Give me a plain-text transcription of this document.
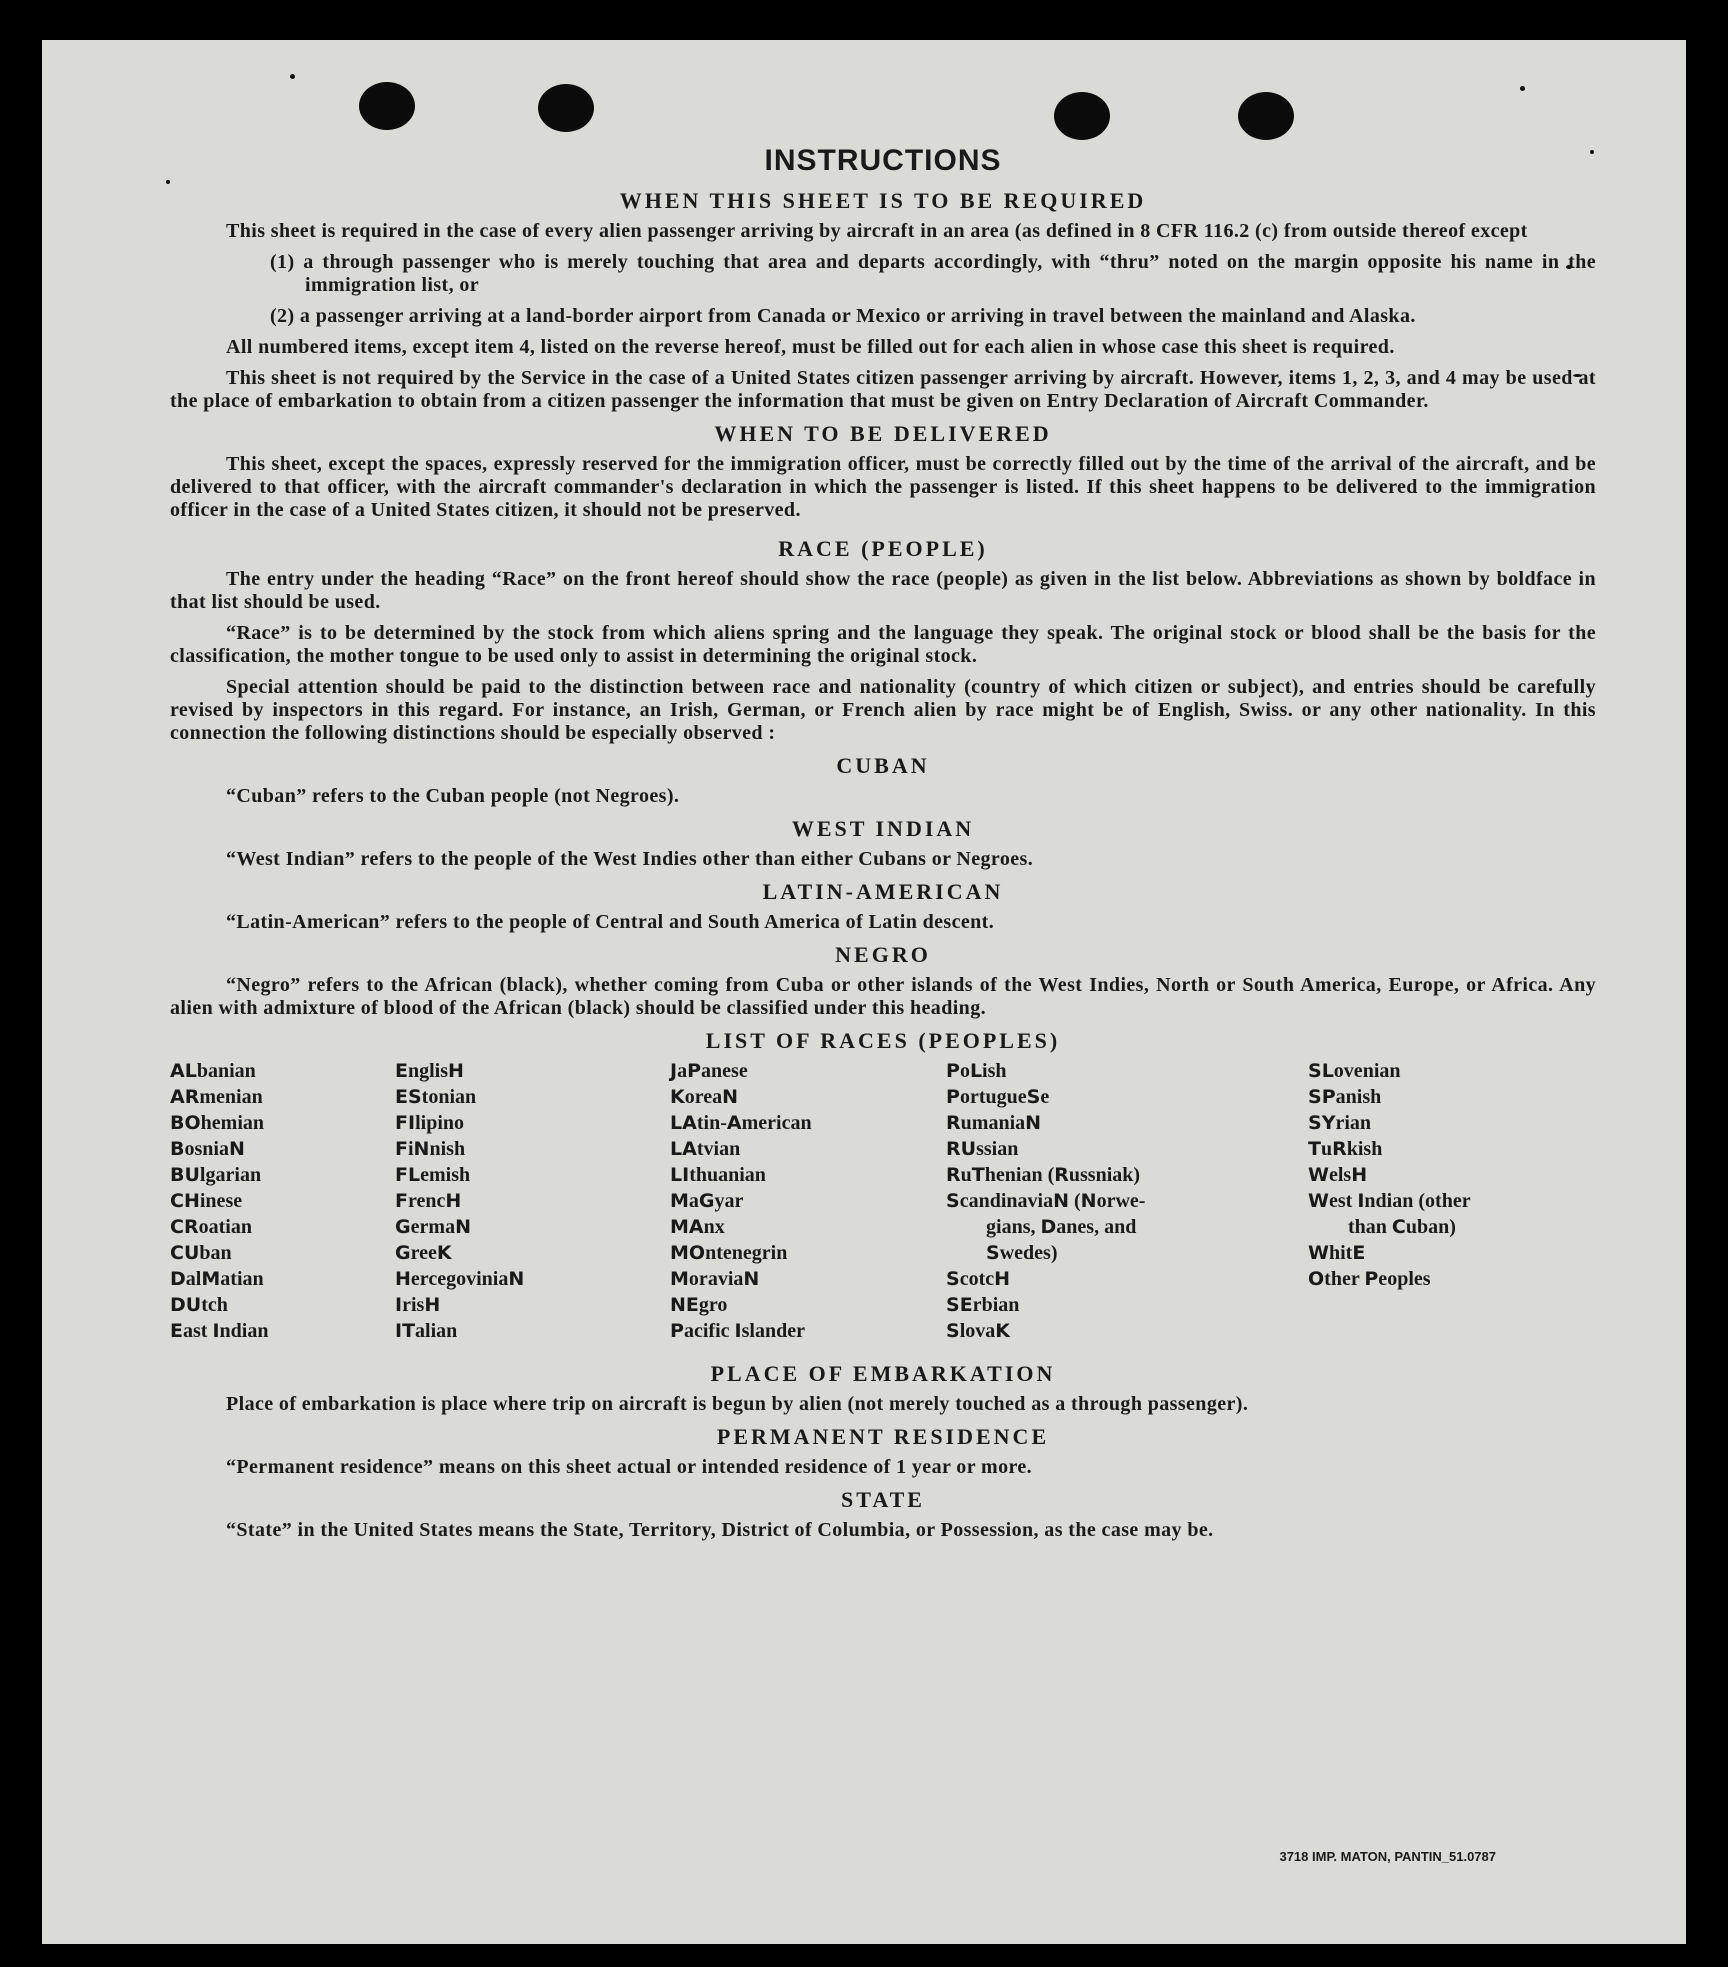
INSTRUCTIONS
WHEN THIS SHEET IS TO BE REQUIRED

This sheet is required in the case of every alien passenger arriving by aircraft in an area (as defined in 8 CFR 116.2 (c) from outside thereof except

(1) a through passenger who is merely touching that area and departs accordingly, with “thru” noted on the margin opposite his name in the immigration list, or

(2) a passenger arriving at a land-border airport from Canada or Mexico or arriving in travel between the mainland and Alaska.

All numbered items, except item 4, listed on the reverse hereof, must be filled out for each alien in whose case this sheet is required.

This sheet is not required by the Service in the case of a United States citizen passenger arriving by aircraft. However, items 1, 2, 3, and 4 may be used at the place of embarkation to obtain from a citizen passenger the information that must be given on Entry Declaration of Aircraft Commander.

WHEN TO BE DELIVERED

This sheet, except the spaces, expressly reserved for the immigration officer, must be correctly filled out by the time of the arrival of the aircraft, and be delivered to that officer, with the aircraft commander's declaration in which the passenger is listed. If this sheet happens to be delivered to the immigration officer in the case of a United States citizen, it should not be preserved.

RACE (PEOPLE)

The entry under the heading “Race” on the front hereof should show the race (people) as given in the list below. Abbreviations as shown by boldface in that list should be used.

“Race” is to be determined by the stock from which aliens spring and the language they speak. The original stock or blood shall be the basis for the classification, the mother tongue to be used only to assist in determining the original stock.

Special attention should be paid to the distinction between race and nationality (country of which citizen or subject), and entries should be carefully revised by inspectors in this regard. For instance, an Irish, German, or French alien by race might be of English, Swiss. or any other nationality. In this connection the following distinctions should be especially observed :

CUBAN

“Cuban” refers to the Cuban people (not Negroes).

WEST INDIAN

“West Indian” refers to the people of the West Indies other than either Cubans or Negroes.

LATIN-AMERICAN

“Latin-American” refers to the people of Central and South America of Latin descent.

NEGRO

“Negro” refers to the African (black), whether coming from Cuba or other islands of the West Indies, North or South America, Europe, or Africa. Any alien with admixture of blood of the African (black) should be classified under this heading.

LIST OF RACES (PEOPLES)
ALbanian
ARmenian
BOhemian
BosniaN
BUlgarian
CHinese
CRoatian
CUban
DalMatian
DUtch
East Indian
EnglisH
EStonian
FIlipino
FiNnish
FLemish
FrencH
GermaN
GreeK
HercegoviniaN
IrisH
ITalian
JaPanese
KoreaN
LAtin-American
LAtvian
LIthuanian
MaGyar
MAnx
MOntenegrin
MoraviaN
NEgro
Pacific Islander
PoLish
PortugueSe
RumaniaN
RUssian
RuThenian (Russniak)
ScandinaviaN (Norwe-
gians, Danes, and
Swedes)
ScotcH
SErbian
SlovaK
SLovenian
SPanish
SYrian
TuRkish
WelsH
West Indian (other
than Cuban)
WhitE
Other Peoples
PLACE OF EMBARKATION

Place of embarkation is place where trip on aircraft is begun by alien (not merely touched as a through passenger).

PERMANENT RESIDENCE

“Permanent residence” means on this sheet actual or intended residence of 1 year or more.

STATE

“State” in the United States means the State, Territory, District of Columbia, or Possession, as the case may be.

3718 IMP. MATON, PANTIN_51.0787
